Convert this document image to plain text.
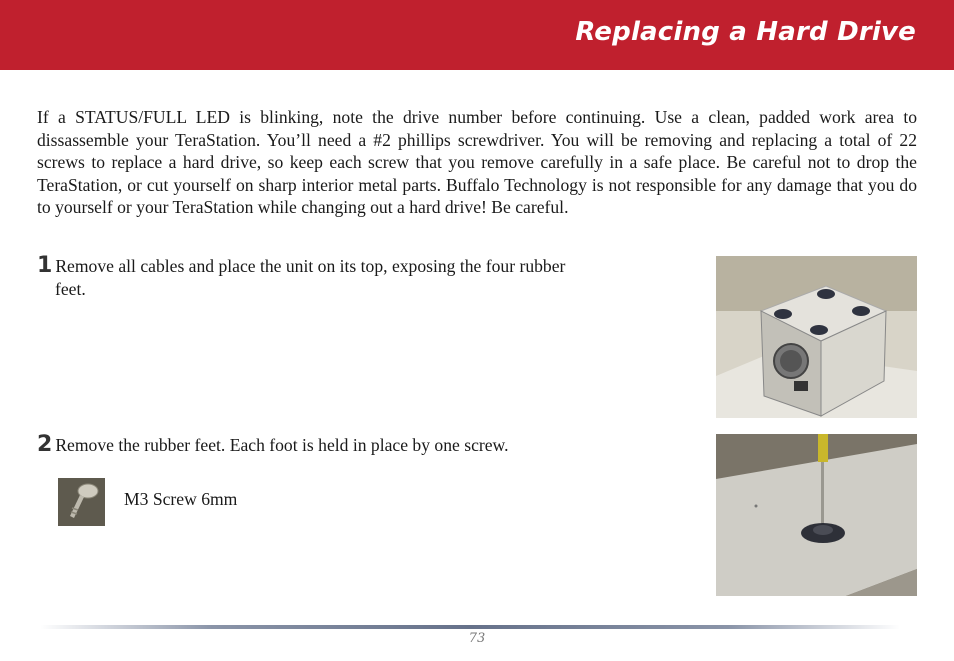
Replacing a Hard Drive

If a STATUS/FULL LED is blinking, note the drive number before continuing. Use a clean, padded work area to dissassemble your TeraStation. You’ll need a #2 phillips screwdriver. You will be removing and replacing a total of 22 screws to replace a hard drive, so keep each screw that you remove carefully in a safe place. Be careful not to drop the TeraStation, or cut yourself on sharp interior metal parts. Buffalo Technology is not responsible for any damage that you do to yourself or your TeraStation while changing out a hard drive! Be careful.

1 Remove all cables and place the unit on its top, exposing the four rubber
feet.
2 Remove the rubber feet. Each foot is held in place by one screw.
M3 Screw 6mm
73
